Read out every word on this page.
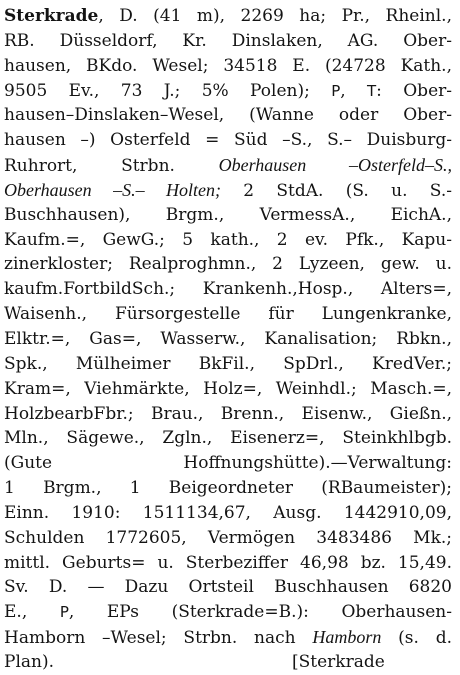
Sterkrade, D. (41 m), 2269 ha; Pr., Rheinl.,
RB. Düsseldorf, Kr. Dinslaken, AG. Ober-
hausen, BKdo. Wesel; 34518 E. (24728 Kath.,
9505 Ev., 73 J.; 5% Polen); P, T: Ober-
hausen–Dinslaken–Wesel, (Wanne oder Ober-
hausen –) Osterfeld = Süd –S., S.– Duisburg-
Ruhrort, Strbn. Oberhausen –Osterfeld–S.,
Oberhausen –S.– Holten; 2 StdA. (S. u. S.-
Buschhausen), Brgm., VermessA., EichA.,
Kaufm.=, GewG.; 5 kath., 2 ev. Pfk., Kapu-
zinerkloster; Realproghmn., 2 Lyzeen, gew. u.
kaufm.FortbildSch.; Krankenh.,Hosp., Alters=,
Waisenh., Fürsorgestelle für Lungenkranke,
Elktr.=, Gas=, Wasserw., Kanalisation; Rbkn.,
Spk., Mülheimer BkFil., SpDrl., KredVer.;
Kram=, Viehmärkte, Holz=, Weinhdl.; Masch.=,
HolzbearbFbr.; Brau., Brenn., Eisenw., Gießn.,
Mln., Sägewe., Zgln., Eisenerz=, Steinkhlbgb.
(Gute Hoffnungshütte).—Verwaltung:
1 Brgm., 1 Beigeordneter (RBaumeister);
Einn. 1910: 1511134,67, Ausg. 1442910,09,
Schulden 1772605, Vermögen 3483486 Mk.;
mittl. Geburts= u. Sterbeziffer 46,98 bz. 15,49.
Sv. D. — Dazu Ortsteil Buschhausen 6820
E., P, EPs (Sterkrade=B.): Oberhausen-
Hamborn –Wesel; Strbn. nach Hamborn (s. d.
Plan).              	[Sterkrade
